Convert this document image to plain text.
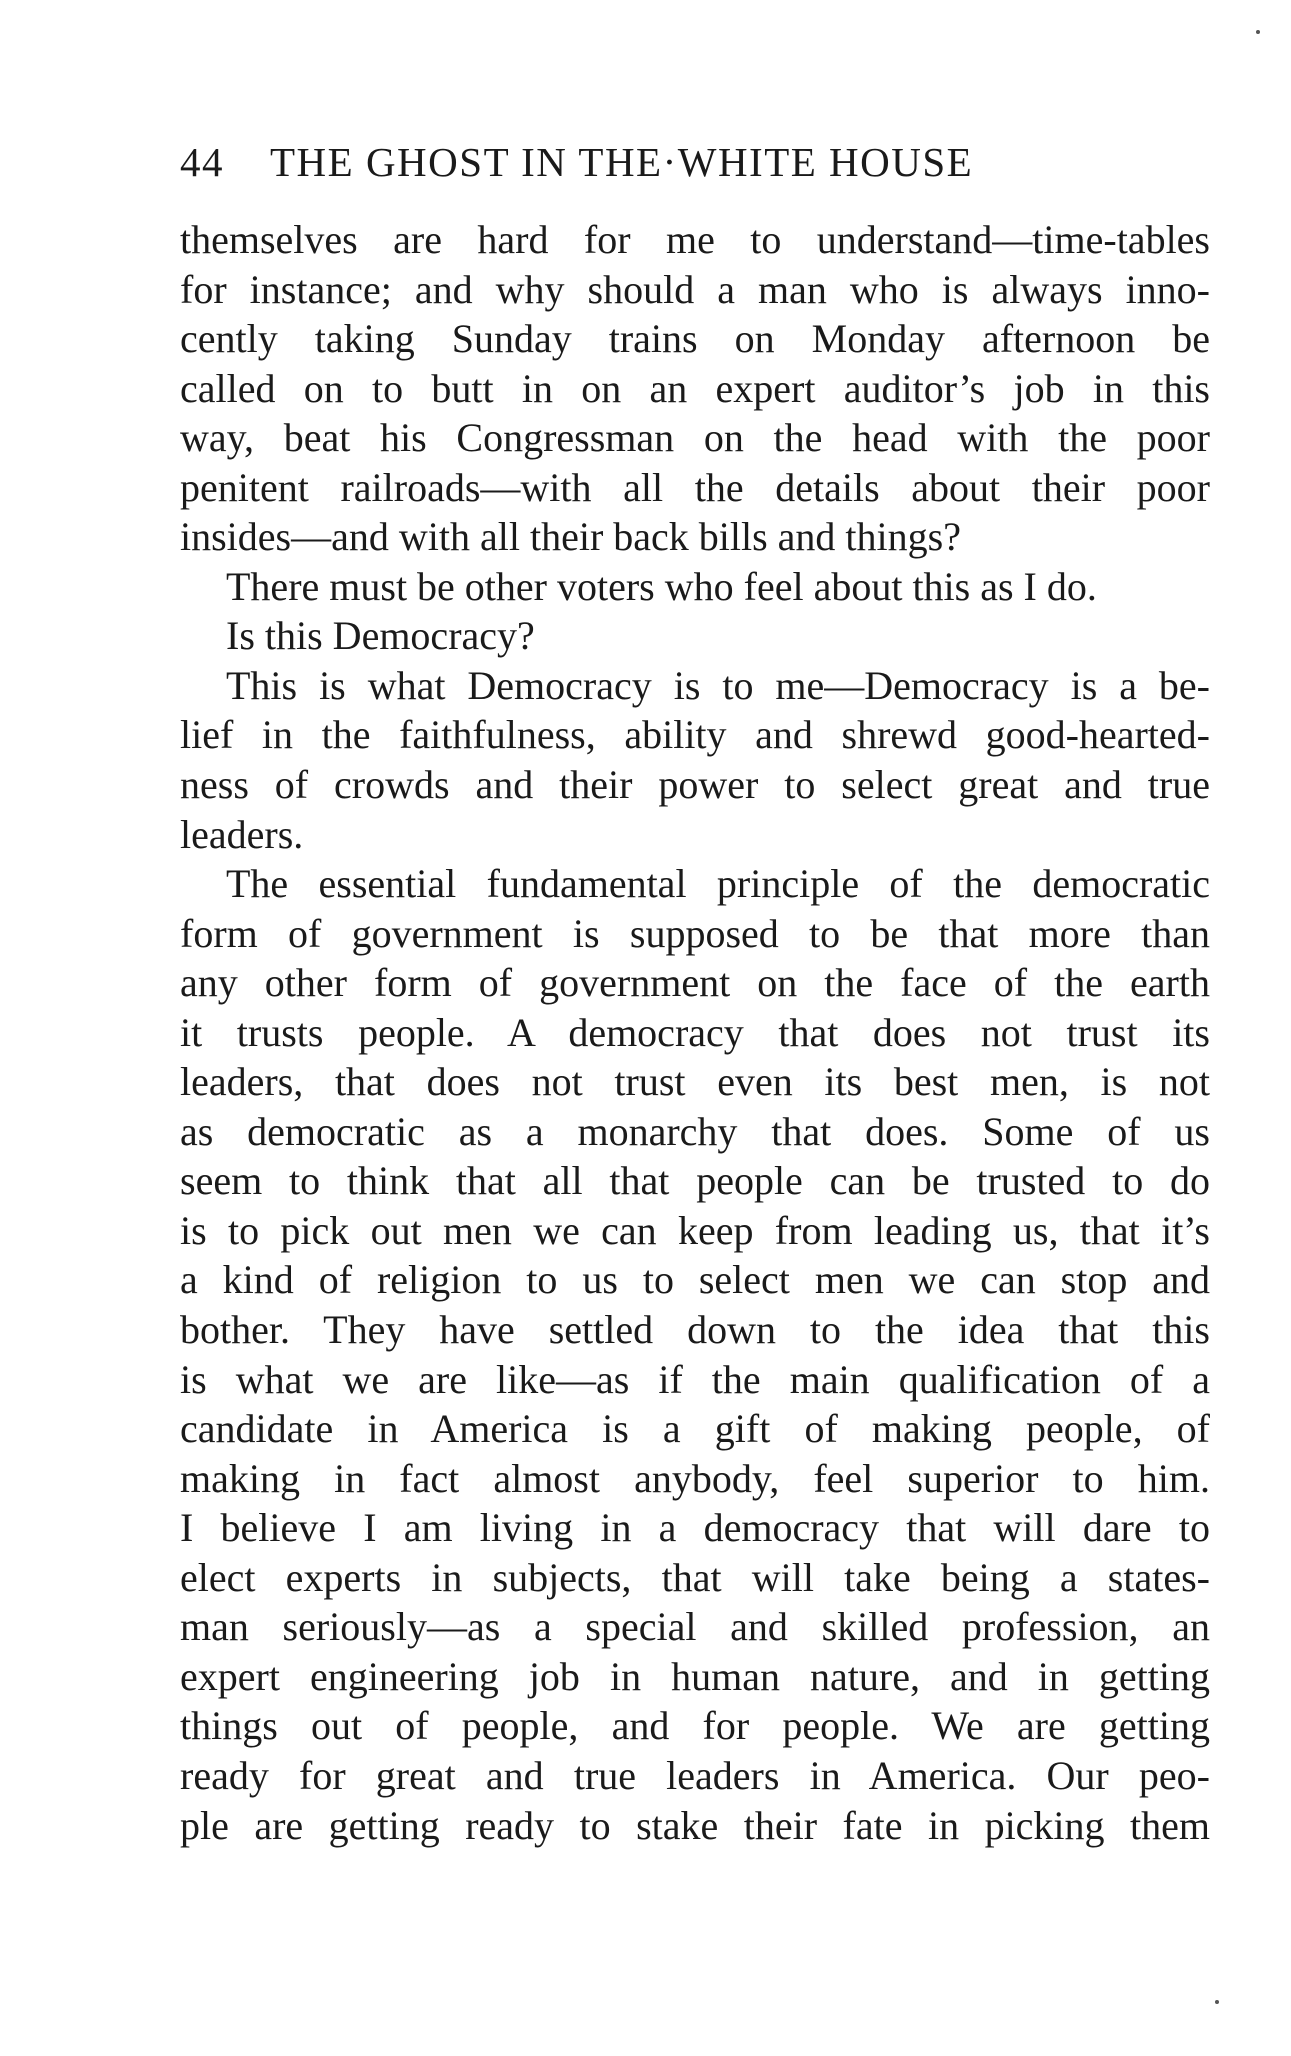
44 THE GHOST IN THE·WHITE HOUSE
themselves are hard for me to understand—time-tables
for instance; and why should a man who is always inno-
cently taking Sunday trains on Monday afternoon be
called on to butt in on an expert auditor’s job in this
way, beat his Congressman on the head with the poor
penitent railroads—with all the details about their poor
insides—and with all their back bills and things?
There must be other voters who feel about this as I do.
Is this Democracy?
This is what Democracy is to me—Democracy is a be-
lief in the faithfulness, ability and shrewd good-hearted-
ness of crowds and their power to select great and true
leaders.
The essential fundamental principle of the democratic
form of government is supposed to be that more than
any other form of government on the face of the earth
it trusts people. A democracy that does not trust its
leaders, that does not trust even its best men, is not
as democratic as a monarchy that does. Some of us
seem to think that all that people can be trusted to do
is to pick out men we can keep from leading us, that it’s
a kind of religion to us to select men we can stop and
bother. They have settled down to the idea that this
is what we are like—as if the main qualification of a
candidate in America is a gift of making people, of
making in fact almost anybody, feel superior to him.
I believe I am living in a democracy that will dare to
elect experts in subjects, that will take being a states-
man seriously—as a special and skilled profession, an
expert engineering job in human nature, and in getting
things out of people, and for people. We are getting
ready for great and true leaders in America. Our peo-
ple are getting ready to stake their fate in picking them
